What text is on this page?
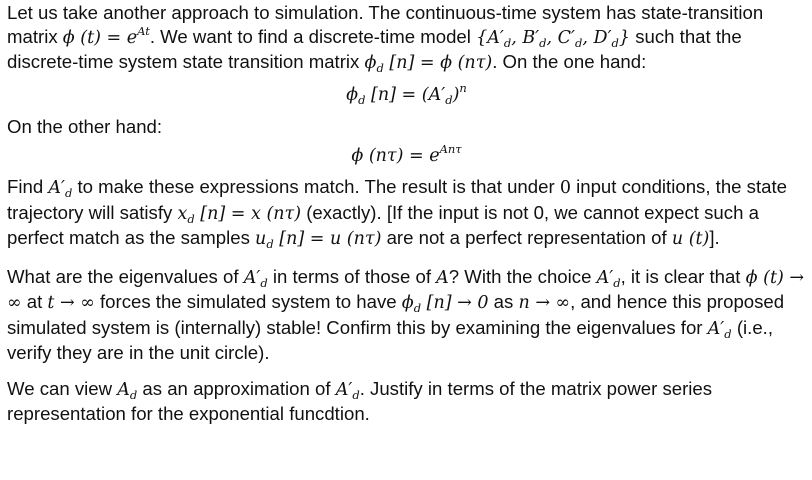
Let us take another approach to simulation. The continuous-time system has state-transition matrix ϕ $(t) = e^{At}$. We want to find a discrete-time model {$A'_d$, $B'_d$, $C'_d$, $D'_d$} such that the discrete-time system state transition matrix $\phi_d$ [n] = ϕ (nτ). On the one hand:

$\phi_d$ $[n] = (A'_d)^n$

On the other hand:

ϕ $(n\tau) = e^{An\tau}$

Find $A'_d$ to make these expressions match. The result is that under 0 input conditions, the state trajectory will satisfy $x_d$ [n] = x (nτ) (exactly). [If the input is not 0, we cannot expect such a perfect match as the samples $u_d$ [n] = u (nτ) are not a perfect representation of u (t)].

What are the eigenvalues of $A'_d$ in terms of those of A? With the choice $A'_d$, it is clear that ϕ (t) → ∞ at t → ∞ forces the simulated system to have $\phi_d$ [n] → 0 as n → ∞, and hence this proposed simulated system is (internally) stable! Confirm this by examining the eigenvalues for $A'_d$ (i.e., verify they are in the unit circle).

We can view $A_d$ as an approximation of $A'_d$. Justify in terms of the matrix power series representation for the exponential funcdtion.
